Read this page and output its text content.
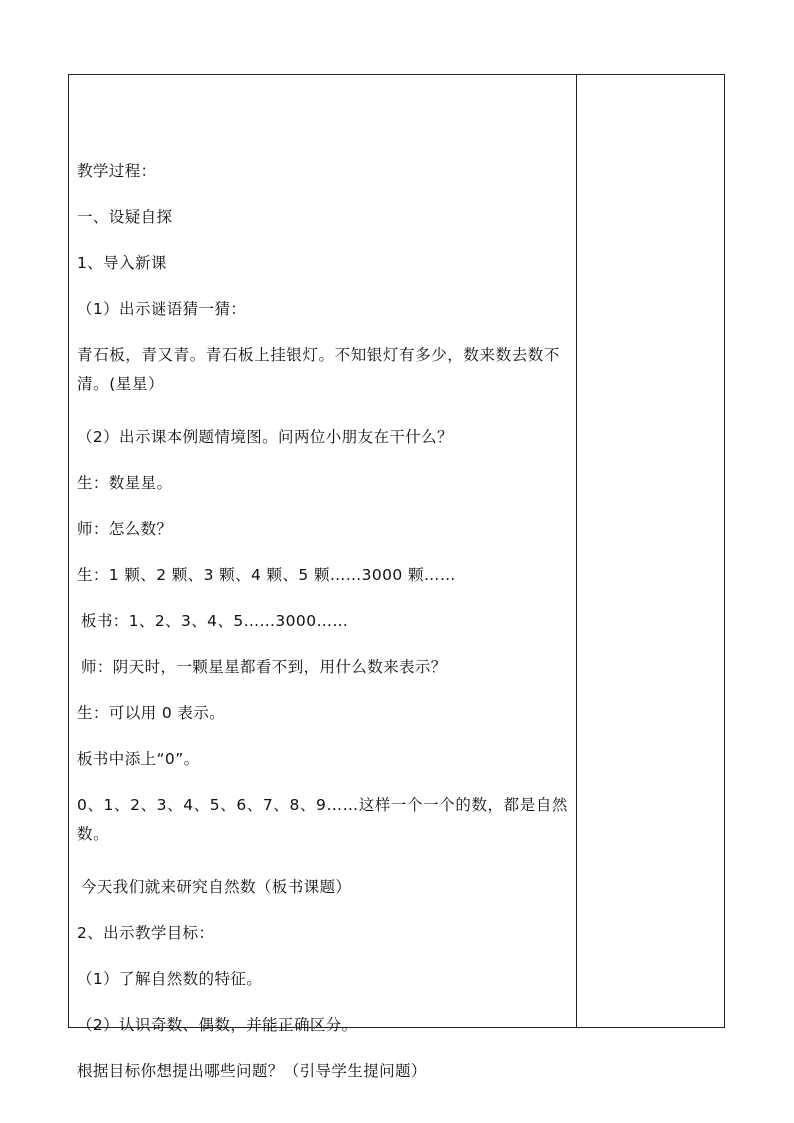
教学过程：
一、设疑自探
1、导入新课
（1）出示谜语猜一猜：
青石板，青又青。青石板上挂银灯。不知银灯有多少，数来数去数不清。(星星）
（2）出示课本例题情境图。问两位小朋友在干什么？
生：数星星。
师：怎么数？
生：1 颗、2 颗、3 颗、4 颗、5 颗……3000 颗……
板书：1、2、3、4、5……3000……
师：阴天时，一颗星星都看不到，用什么数来表示？
生：可以用 0 表示。
板书中添上“0”。
0、1、2、3、4、5、6、7、8、9……这样一个一个的数，都是自然数。
今天我们就来研究自然数（板书课题）
2、出示教学目标：
（1）了解自然数的特征。
（2）认识奇数、偶数，并能正确区分。
根据目标你想提出哪些问题？（引导学生提问题）
